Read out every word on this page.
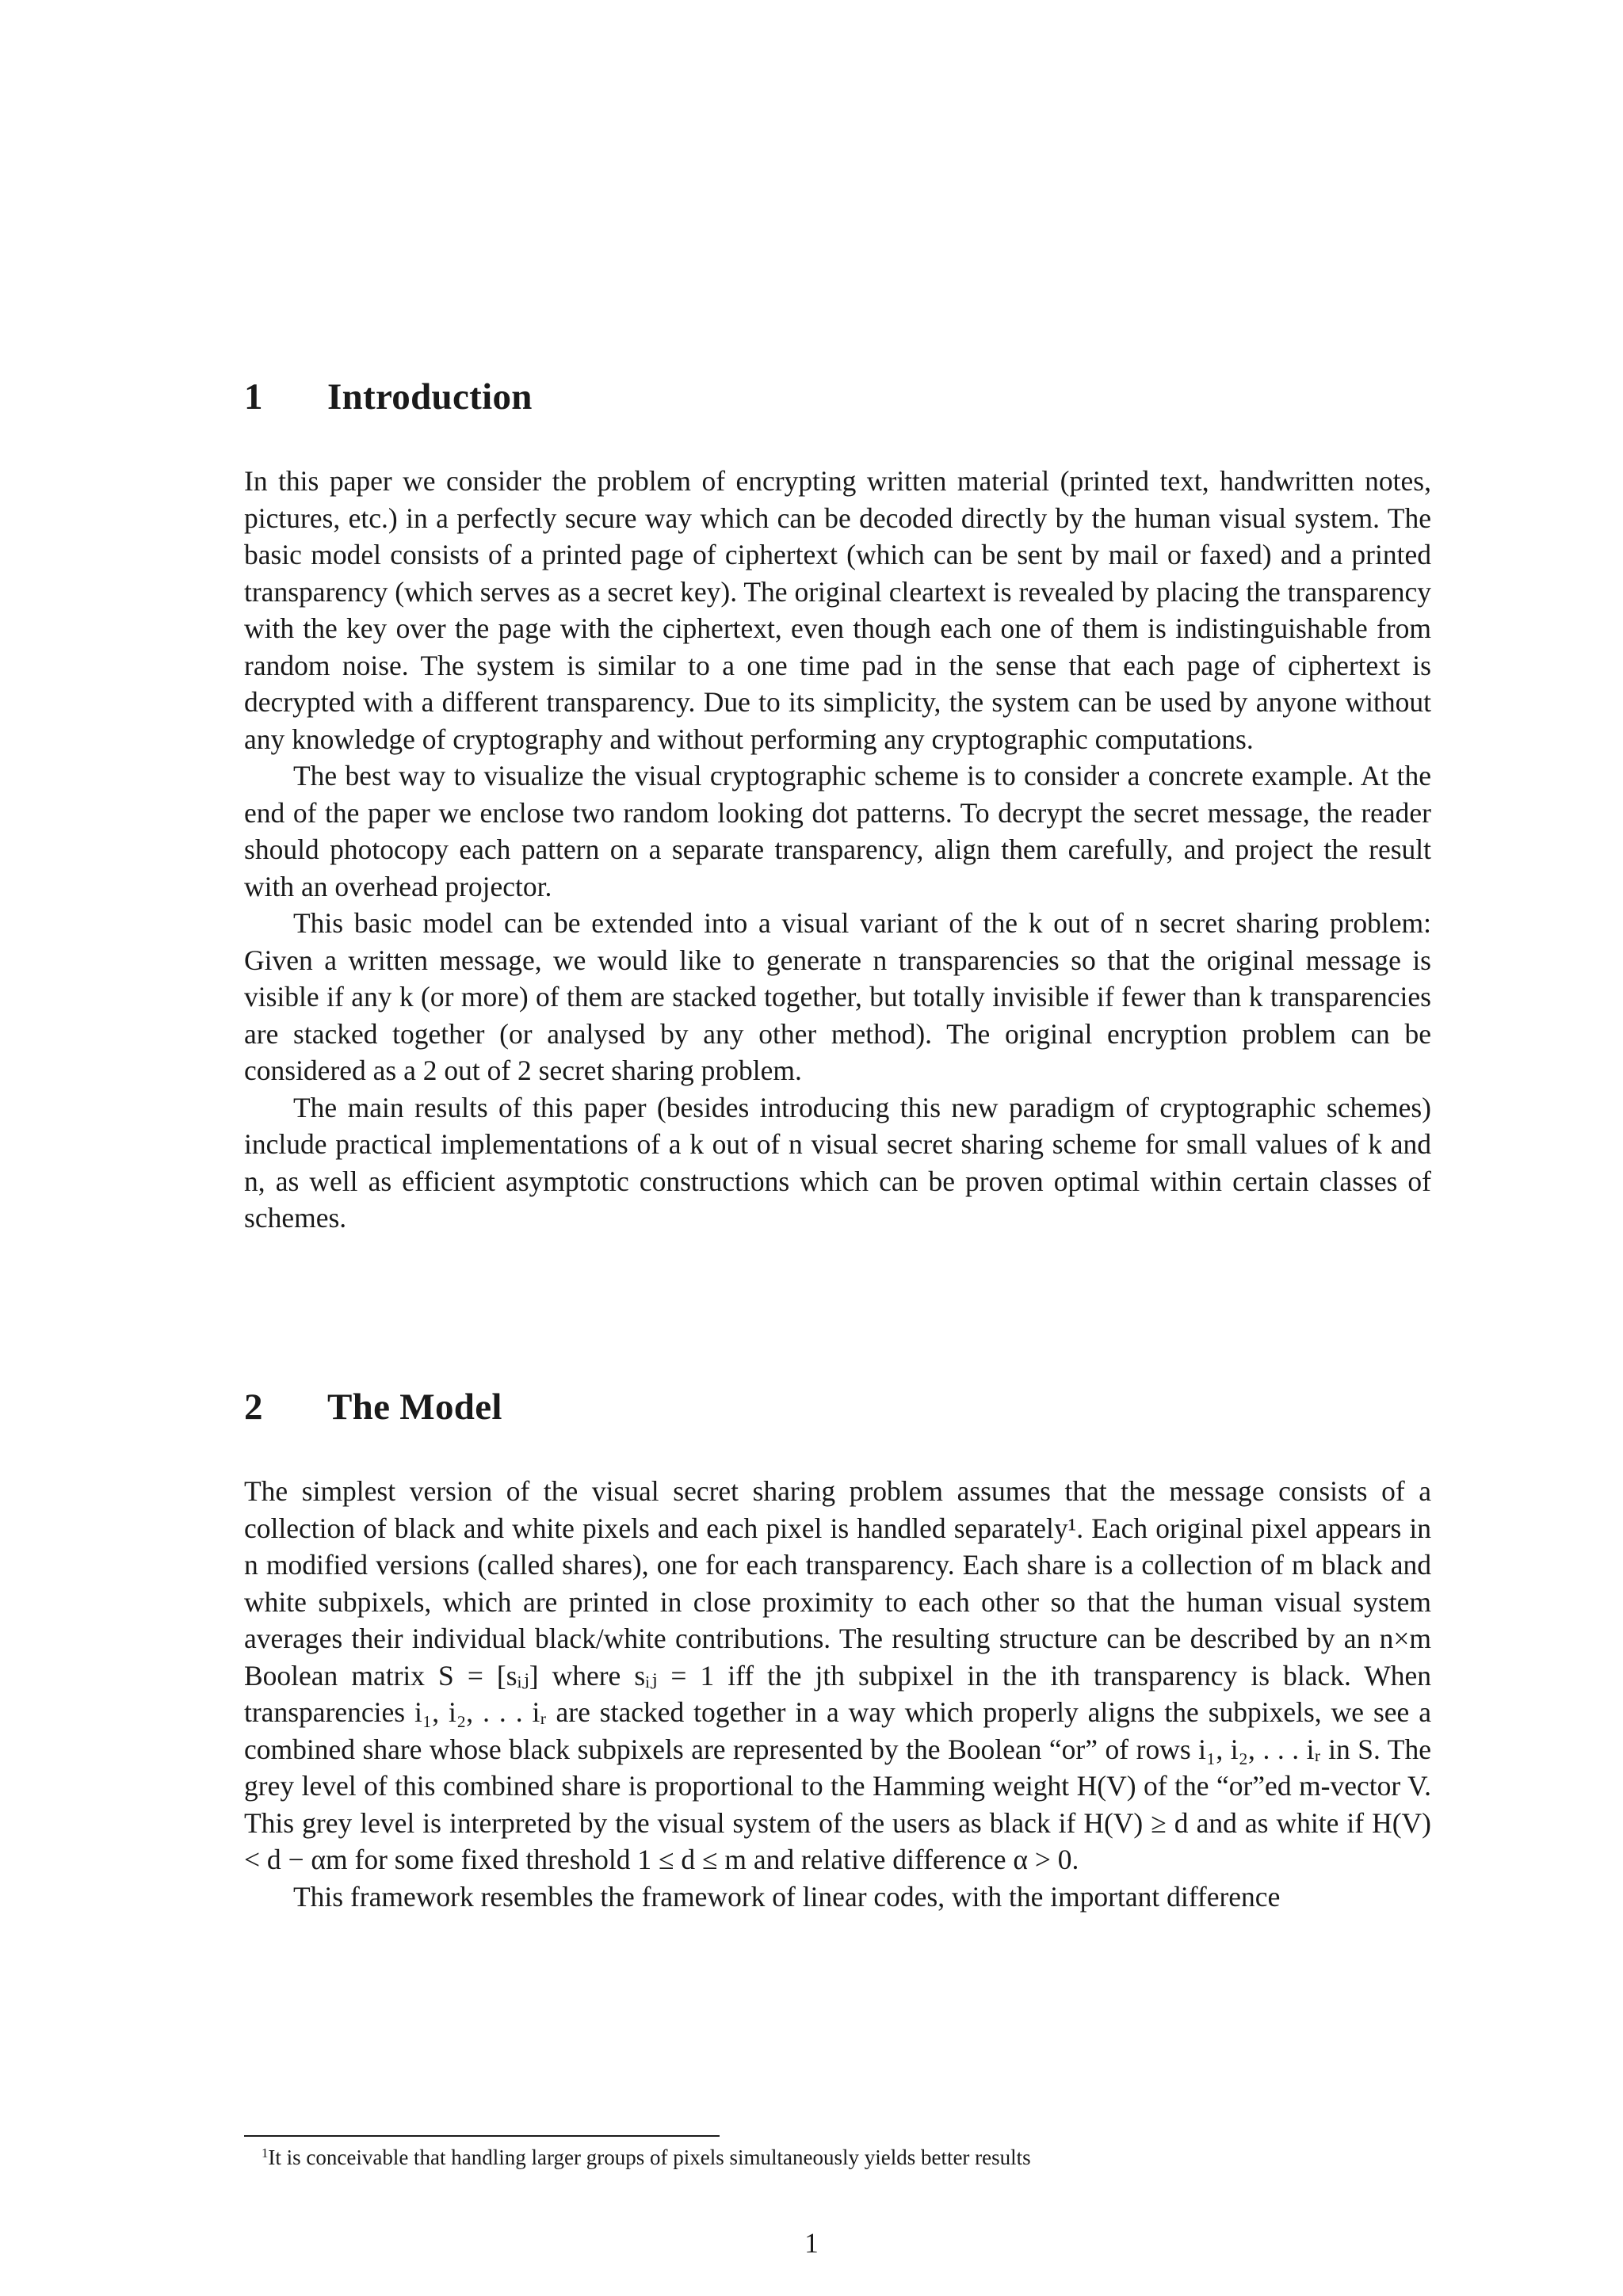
1 Introduction

In this paper we consider the problem of encrypting written material (printed text, handwritten notes, pictures, etc.) in a perfectly secure way which can be decoded directly by the human visual system. The basic model consists of a printed page of ciphertext (which can be sent by mail or faxed) and a printed transparency (which serves as a secret key). The original cleartext is revealed by placing the transparency with the key over the page with the ciphertext, even though each one of them is indistinguishable from random noise. The system is similar to a one time pad in the sense that each page of ciphertext is decrypted with a different transparency. Due to its simplicity, the system can be used by anyone without any knowledge of cryptography and without performing any cryptographic computations.

The best way to visualize the visual cryptographic scheme is to consider a concrete example. At the end of the paper we enclose two random looking dot patterns. To decrypt the secret message, the reader should photocopy each pattern on a separate transparency, align them carefully, and project the result with an overhead projector.

This basic model can be extended into a visual variant of the k out of n secret sharing problem: Given a written message, we would like to generate n transparencies so that the original message is visible if any k (or more) of them are stacked together, but totally invisible if fewer than k transparencies are stacked together (or analysed by any other method). The original encryption problem can be considered as a 2 out of 2 secret sharing problem.

The main results of this paper (besides introducing this new paradigm of cryptographic schemes) include practical implementations of a k out of n visual secret sharing scheme for small values of k and n, as well as efficient asymptotic constructions which can be proven optimal within certain classes of schemes.

2 The Model

The simplest version of the visual secret sharing problem assumes that the message consists of a collection of black and white pixels and each pixel is handled separately¹. Each original pixel appears in n modified versions (called shares), one for each transparency. Each share is a collection of m black and white subpixels, which are printed in close proximity to each other so that the human visual system averages their individual black/white contributions. The resulting structure can be described by an n×m Boolean matrix S = [sᵢⱼ] where sᵢⱼ = 1 iff the jth subpixel in the ith transparency is black. When transparencies i₁, i₂, . . . iᵣ are stacked together in a way which properly aligns the subpixels, we see a combined share whose black subpixels are represented by the Boolean “or” of rows i₁, i₂, . . . iᵣ in S. The grey level of this combined share is proportional to the Hamming weight H(V) of the “or”ed m-vector V. This grey level is interpreted by the visual system of the users as black if H(V) ≥ d and as white if H(V) < d − αm for some fixed threshold 1 ≤ d ≤ m and relative difference α > 0.

This framework resembles the framework of linear codes, with the important difference

$^1$It is conceivable that handling larger groups of pixels simultaneously yields better results
1
